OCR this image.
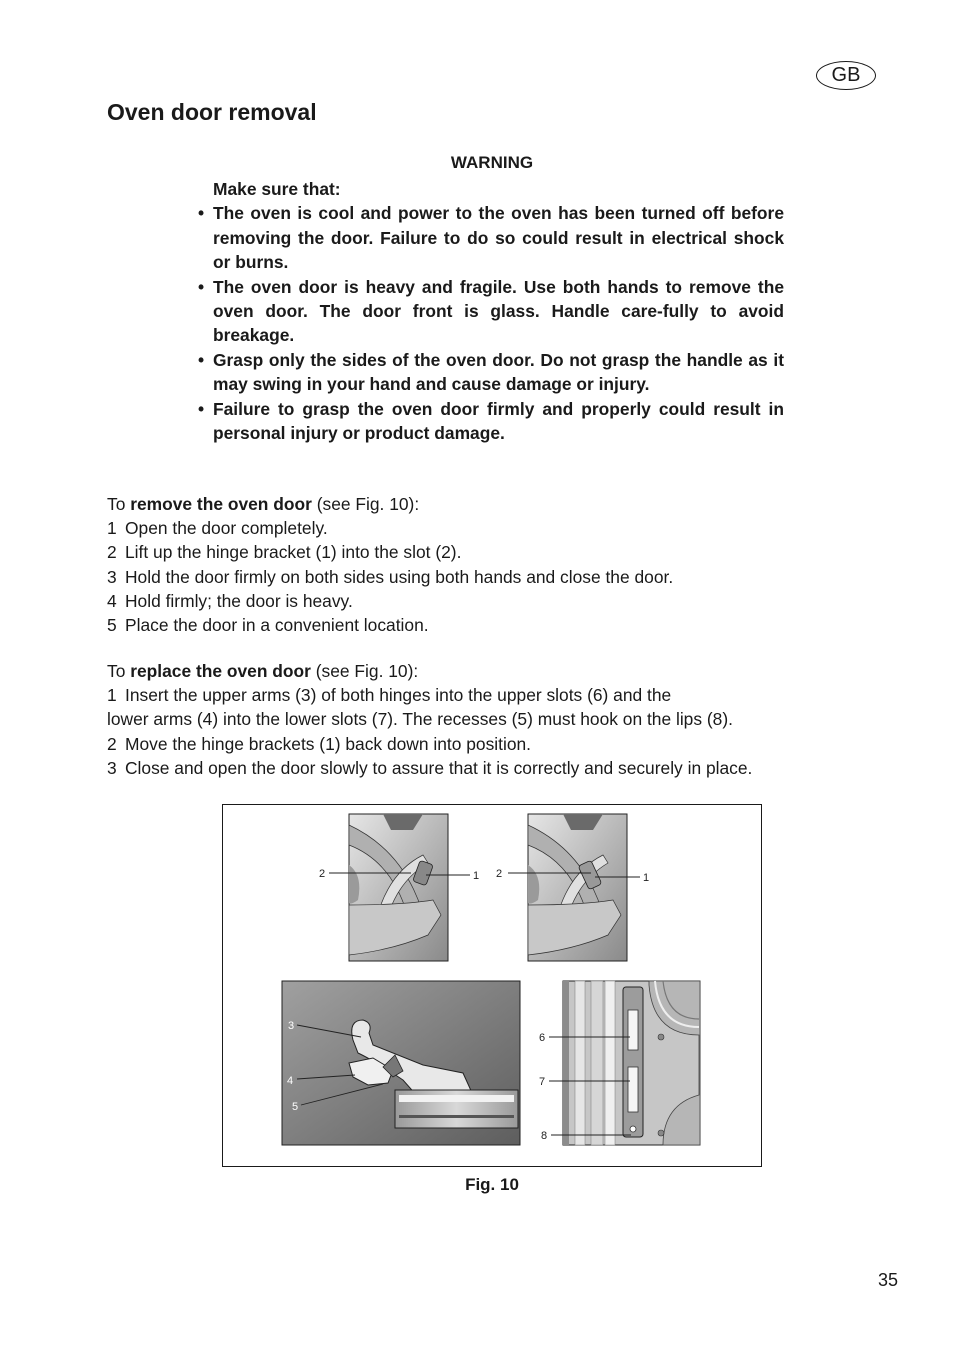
GB
Oven door removal
WARNING
Make sure that:
• The oven is cool and power to the oven has been turned off before removing the door. Failure to do so could result in electrical shock or burns.
• The oven door is heavy and fragile. Use both hands to remove the oven door. The door front is glass. Handle care-fully to avoid breakage.
• Grasp only the sides of the oven door. Do not grasp the handle as it may swing in your hand and cause damage or injury.
• Failure to grasp the oven door firmly and properly could result in personal injury or product damage.

To remove the oven door (see Fig. 10):

1 Open the door completely.

2 Lift up the hinge bracket (1) into the slot (2).

3 Hold the door firmly on both sides using both hands and close the door.

4 Hold firmly; the door is heavy.

5 Place the door in a convenient location.

To replace the oven door (see Fig. 10):

1 Insert the upper arms (3) of both hinges into the upper slots (6) and the

lower arms (4) into the lower slots (7). The recesses (5) must hook on the lips (8).

2 Move the hinge brackets (1) back down into position.

3 Close and open the door slowly to assure that it is correctly and securely in place.

2	1 2	1
3
4
5
6
7
8
Fig. 10
35
